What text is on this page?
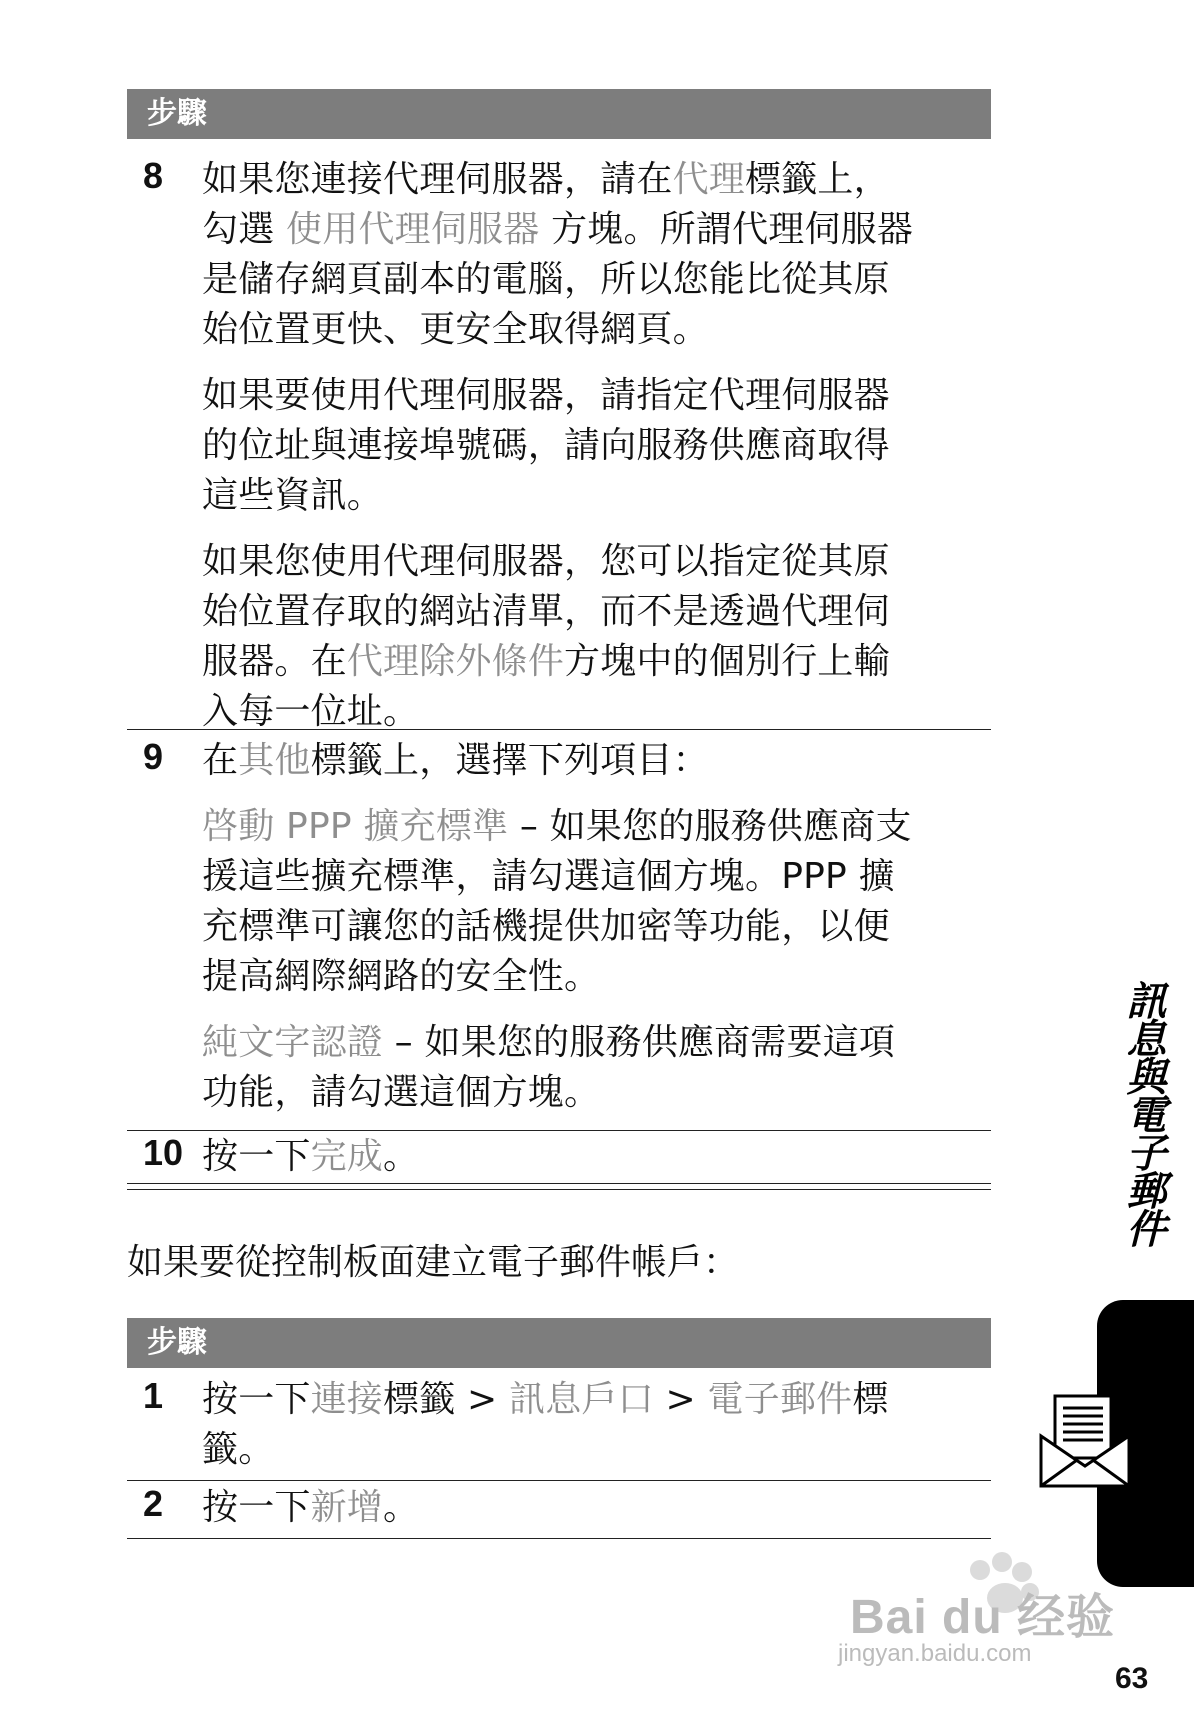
步驟
8 如果您連接代理伺服器，請在代理標籤上，
勾選 使用代理伺服器 方塊。所謂代理伺服器
是儲存網頁副本的電腦，所以您能比從其原
始位置更快、更安全取得網頁。

如果要使用代理伺服器，請指定代理伺服器
的位址與連接埠號碼，請向服務供應商取得
這些資訊。

如果您使用代理伺服器，您可以指定從其原
始位置存取的網站清單，而不是透過代理伺
服器。在代理除外條件方塊中的個別行上輸
入每一位址。

9 在其他標籤上，選擇下列項目：

啓動 PPP 擴充標準 – 如果您的服務供應商支
援這些擴充標準，請勾選這個方塊。PPP 擴
充標準可讓您的話機提供加密等功能，以便
提高網際網路的安全性。

純文字認證 – 如果您的服務供應商需要這項
功能，請勾選這個方塊。

10 按一下完成。

如果要從控制板面建立電子郵件帳戶：
步驟
1 按一下連接標籤 > 訊息戶口 > 電子郵件標
籤。

2 按一下新增。

訊息與電子郵件
Bai du 经验
jingyan.baidu.com
63
